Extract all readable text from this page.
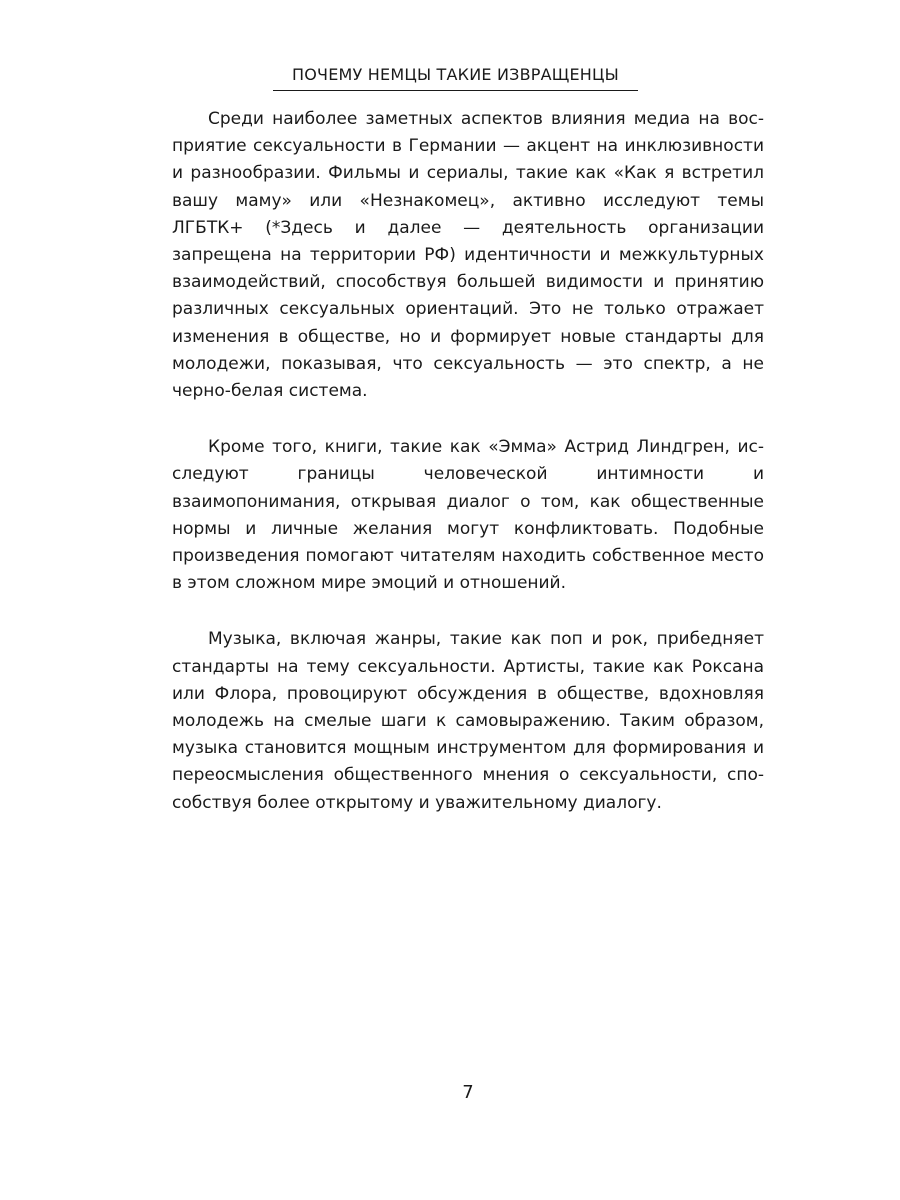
ПОЧЕМУ НЕМЦЫ ТАКИЕ ИЗВРАЩЕНЦЫ

Среди наиболее заметных аспектов влияния медиа на восприятие сексуальности в Германии — акцент на инклюзивности и разнообразии. Фильмы и сериалы, такие как «Как я встретил вашу маму» или «Незнакомец», активно исследуют темы ЛГБТК+ (*Здесь и далее — деятельность организации запрещена на территории РФ) идентичности и межкультурных взаимодействий, способствуя большей видимости и принятию различных сексуальных ориентаций. Это не только отражает изменения в обществе, но и формирует новые стандарты для молодежи, показывая, что сексуальность — это спектр, а не черно-белая система.

Кроме того, книги, такие как «Эмма» Астрид Линдгрен, исследуют границы человеческой интимности и взаимопонимания, открывая диалог о том, как общественные нормы и личные желания могут конфликтовать. Подобные произведения помогают читателям находить собственное место в этом сложном мире эмоций и отношений.

Музыка, включая жанры, такие как поп и рок, прибедняет стандарты на тему сексуальности. Артисты, такие как Роксана или Флора, провоцируют обсуждения в обществе, вдохновляя молодежь на смелые шаги к самовыражению. Таким образом, музыка становится мощным инструментом для формирования и переосмысления общественного мнения о сексуальности, способствуя более открытому и уважительному диалогу.

7
